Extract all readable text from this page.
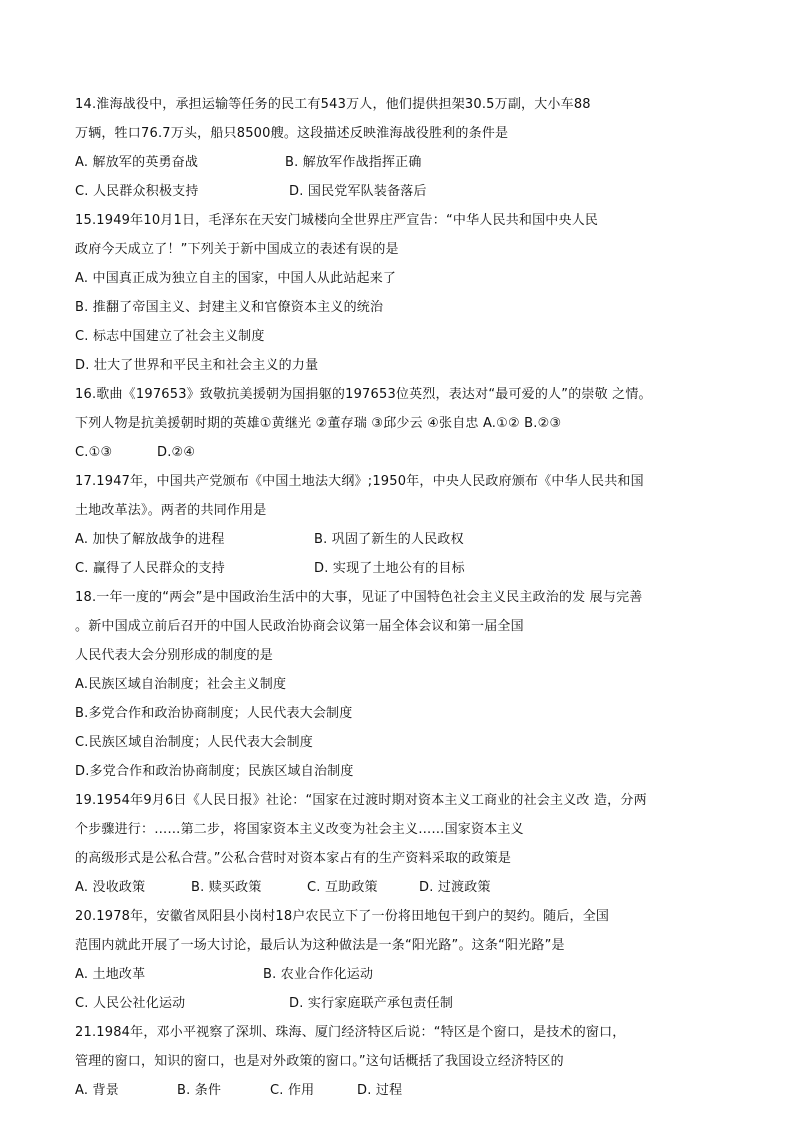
14.淮海战役中，承担运输等任务的民工有543万人，他们提供担架30.5万副，大小车88
万辆，牲口76.7万头，船只8500艘。这段描述反映淮海战役胜利的条件是
A. 解放军的英勇奋战	B. 解放军作战指挥正确
C. 人民群众积极支持	D. 国民党军队装备落后
15.1949年10月1日，毛泽东在天安门城楼向全世界庄严宣告：“中华人民共和国中央人民
政府今天成立了！”下列关于新中国成立的表述有误的是
A. 中国真正成为独立自主的国家，中国人从此站起来了
B. 推翻了帝国主义、封建主义和官僚资本主义的统治
C. 标志中国建立了社会主义制度
D. 壮大了世界和平民主和社会主义的力量
16.歌曲《197653》致敬抗美援朝为国捐躯的197653位英烈，表达对“最可爱的人”的崇敬 之情。
下列人物是抗美援朝时期的英雄①黄继光 ②董存瑞 ③邱少云 ④张自忠 A.①② B.②③
C.①③	D.②④
17.1947年，中国共产党颁布《中国土地法大纲》;1950年，中央人民政府颁布《中华人民共和国
土地改革法》。两者的共同作用是
A. 加快了解放战争的进程	B. 巩固了新生的人民政权
C. 赢得了人民群众的支持	D. 实现了土地公有的目标
18.一年一度的“两会”是中国政治生活中的大事，见证了中国特色社会主义民主政治的发 展与完善
。新中国成立前后召开的中国人民政治协商会议第一届全体会议和第一届全国
人民代表大会分别形成的制度的是
A.民族区域自治制度；社会主义制度
B.多党合作和政治协商制度；人民代表大会制度
C.民族区域自治制度；人民代表大会制度
D.多党合作和政治协商制度；民族区域自治制度
19.1954年9月6日《人民日报》社论：“国家在过渡时期对资本主义工商业的社会主义改 造，分两
个步骤进行：……第二步，将国家资本主义改变为社会主义……国家资本主义
的高级形式是公私合营。”公私合营时对资本家占有的生产资料采取的政策是
A. 没收政策	B. 赎买政策	C. 互助政策	D. 过渡政策
20.1978年，安徽省凤阳县小岗村18户农民立下了一份将田地包干到户的契约。随后，全国
范围内就此开展了一场大讨论，最后认为这种做法是一条“阳光路”。这条“阳光路”是
A. 土地改革	B. 农业合作化运动
C. 人民公社化运动	D. 实行家庭联产承包责任制
21.1984年，邓小平视察了深圳、珠海、厦门经济特区后说：“特区是个窗口，是技术的窗口，
管理的窗口，知识的窗口，也是对外政策的窗口。”这句话概括了我国设立经济特区的
A. 背景	B. 条件	C. 作用	D. 过程
